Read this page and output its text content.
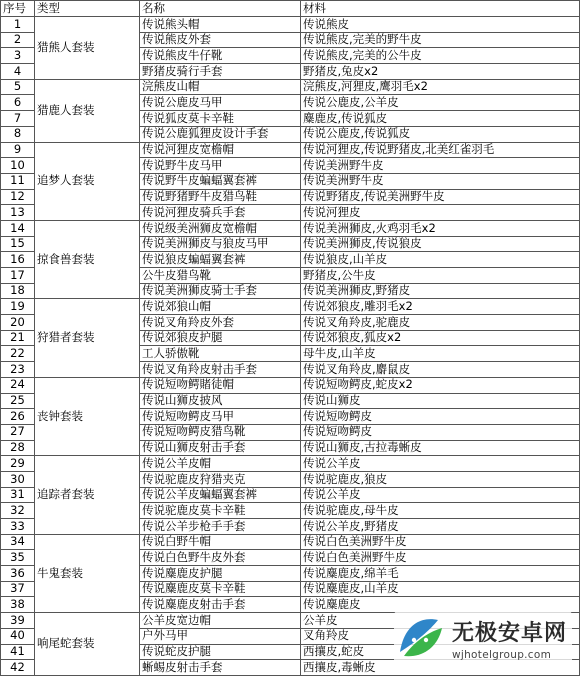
序号	类型	名称	材料
1	猎熊人套装	传说熊头帽	传说熊皮
2		传说熊皮外套	传说熊皮,完美的野牛皮
3		传说熊皮牛仔靴	传说熊皮,完美的公牛皮
4		野猪皮骑行手套	野猪皮,兔皮x2
5	猎鹿人套装	浣熊皮山帽	浣熊皮,河狸皮,鹰羽毛x2
6		传说公鹿皮马甲	传说公鹿皮,公羊皮
7		传说狐皮莫卡辛鞋	麋鹿皮,传说狐皮
8		传说公鹿狐狸皮设计手套	传说公鹿皮,传说狐皮
9	追梦人套装	传说河狸皮宽檐帽	传说河狸皮,传说野猪皮,北美红雀羽毛
10		传说野牛皮马甲	传说美洲野牛皮
11		传说野牛皮蝙蝠翼套裤	传说美洲野牛皮
12		传说野猪野牛皮猎鸟鞋	传说野猪皮,传说美洲野牛皮
13		传说河狸皮骑兵手套	传说河狸皮
14	掠食兽套装	传说级美洲狮皮宽檐帽	传说美洲狮皮,火鸡羽毛x2
15		传说美洲狮皮与狼皮马甲	传说美洲狮皮,传说狼皮
16		传说狼皮蝙蝠翼套裤	传说狼皮,山羊皮
17		公牛皮猎鸟靴	野猪皮,公牛皮
18		传说美洲狮皮骑士手套	传说美洲狮皮,野猪皮
19	狩猎者套装	传说郊狼山帽	传说郊狼皮,雕羽毛x2
20		传说叉角羚皮外套	传说叉角羚皮,驼鹿皮
21		传说郊狼皮护腿	传说郊狼皮,狐皮x2
22		工人骄傲靴	母牛皮,山羊皮
23		传说叉角羚皮射击手套	传说叉角羚皮,麝鼠皮
24	丧钟套装	传说短吻鳄賭徒帽	传说短吻鳄皮,蛇皮x2
25		传说山狮皮披风	传说山狮皮
26		传说短吻鳄皮马甲	传说短吻鳄皮
27		传说短吻鳄皮猎鸟靴	传说短吻鳄皮
28		传说山狮皮射击手套	传说山狮皮,古拉毒蜥皮
29	追踪者套装	传说公羊皮帽	传说公羊皮
30		传说驼鹿皮狩猎夹克	传说驼鹿皮,狼皮
31		传说公羊皮蝙蝠翼套裤	传说公羊皮
32		传说驼鹿皮莫卡辛鞋	传说驼鹿皮,母牛皮
33		传说公羊步枪手手套	传说公羊皮,野猪皮
34	牛鬼套装	传说白野牛帽	传说白色美洲野牛皮
35		传说白色野牛皮外套	传说白色美洲野牛皮
36		传说麋鹿皮护腿	传说麋鹿皮,绵羊毛
37		传说麋鹿皮莫卡辛鞋	传说麋鹿皮,山羊皮
38		传说麋鹿皮射击手套	传说麋鹿皮
39	响尾蛇套装	公羊皮宽边帽	公羊皮
40		户外马甲	叉角羚皮
41		传说蛇皮护腿	西攘皮,蛇皮
42		蜥蜴皮射击手套	西攘皮,毒蜥皮
无极安卓网
wjhotelgroup.com
